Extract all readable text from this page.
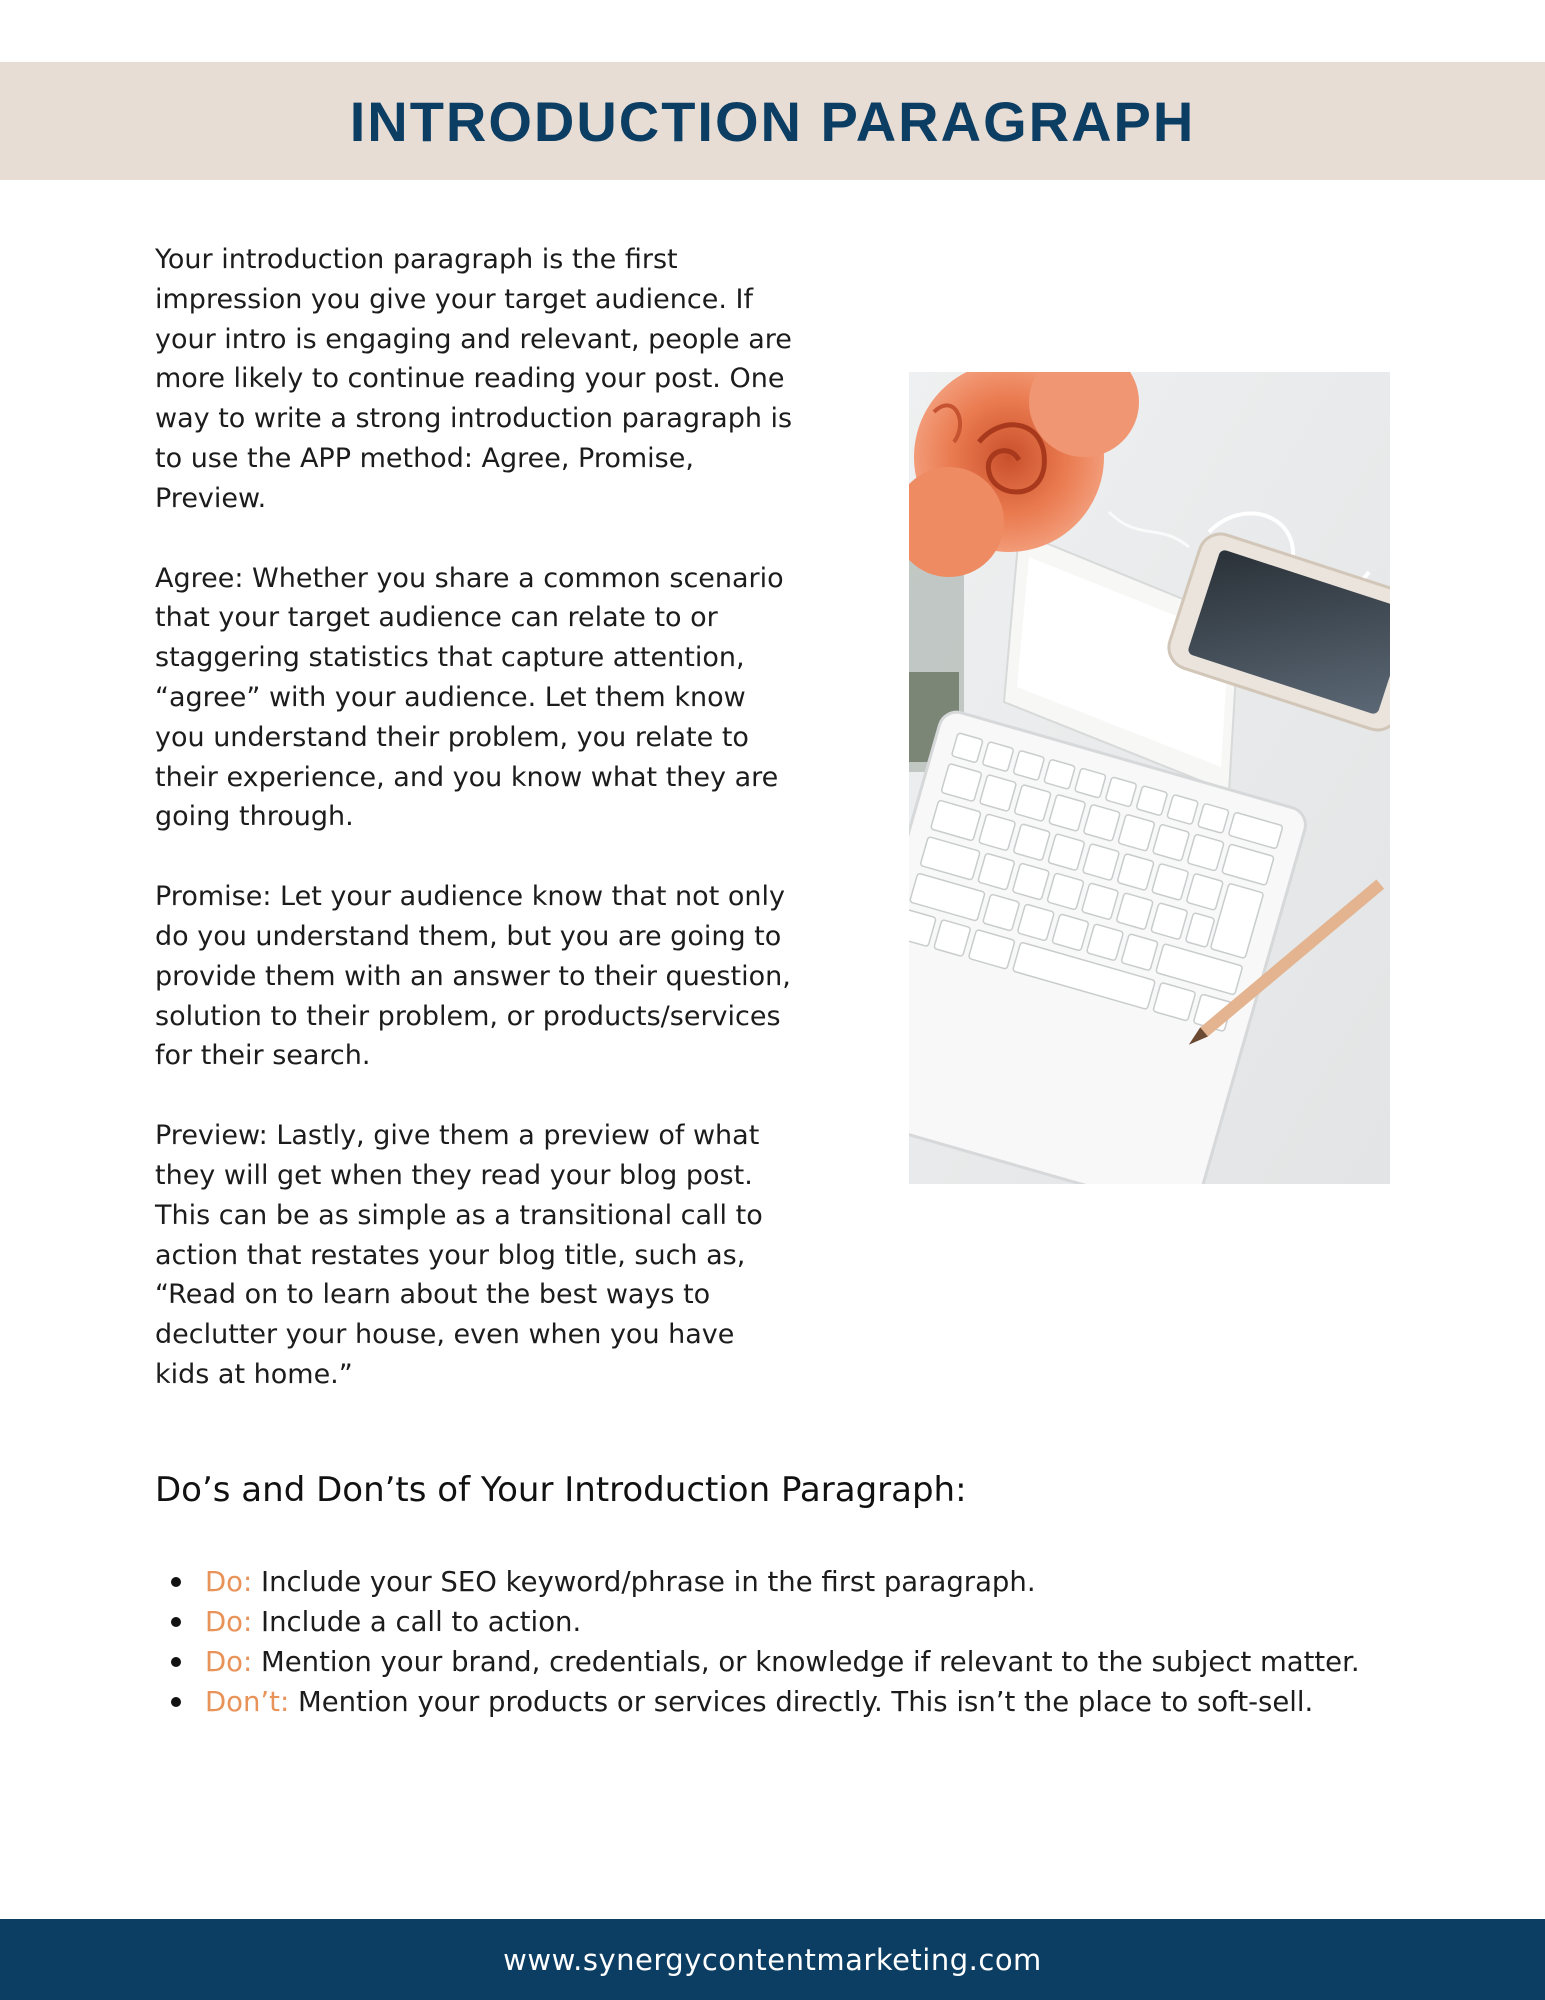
INTRODUCTION PARAGRAPH

Your introduction paragraph is the first impression you give your target audience. If your intro is engaging and relevant, people are more likely to continue reading your post. One way to write a strong introduction paragraph is to use the APP method: Agree, Promise, Preview.

Agree: Whether you share a common scenario that your target audience can relate to or staggering statistics that capture attention, “agree” with your audience. Let them know you understand their problem, you relate to their experience, and you know what they are going through.

Promise: Let your audience know that not only do you understand them, but you are going to provide them with an answer to their question, solution to their problem, or products/services for their search.

Preview: Lastly, give them a preview of what they will get when they read your blog post. This can be as simple as a transitional call to action that restates your blog title, such as, “Read on to learn about the best ways to declutter your house, even when you have kids at home.”

Do’s and Don’ts of Your Introduction Paragraph:
Do: Include your SEO keyword/phrase in the first paragraph.
Do: Include a call to action.
Do: Mention your brand, credentials, or knowledge if relevant to the subject matter.
Don’t: Mention your products or services directly. This isn’t the place to soft-sell.
www.synergycontentmarketing.com
